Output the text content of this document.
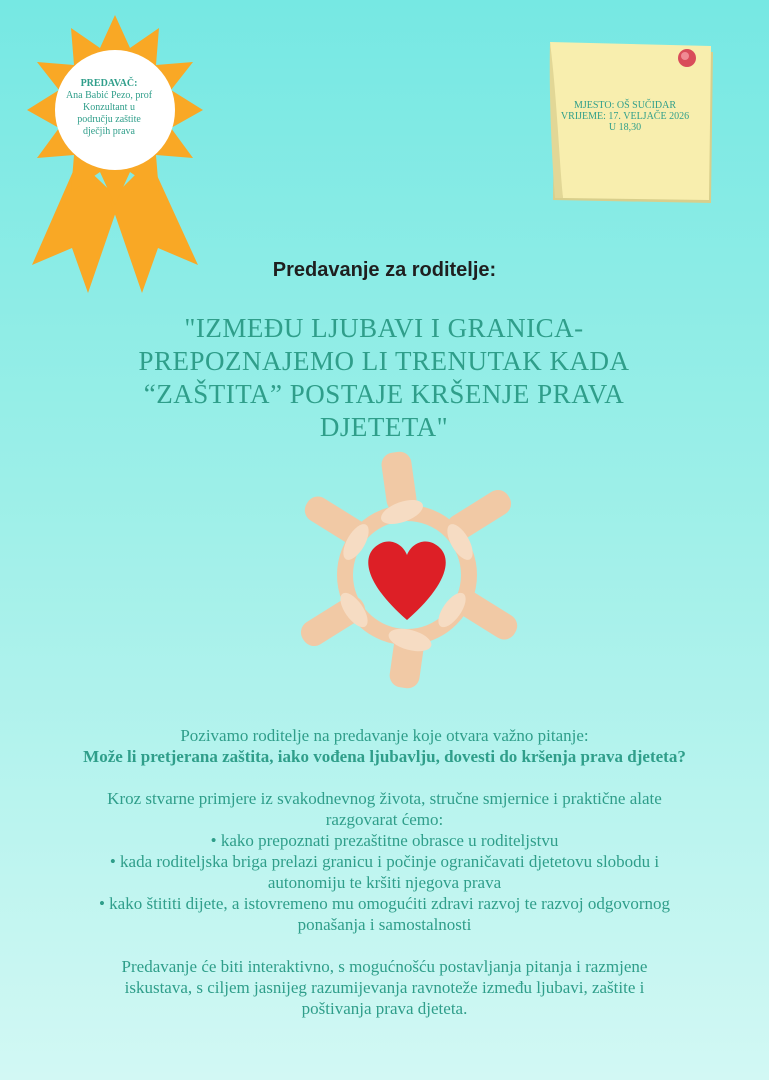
PREDAVAČ:
Ana Babić Pezo, prof
Konzultant u
području zaštite
dječjih prava
MJESTO: OŠ SUČIDAR
VRIJEME: 17. VELJAČE 2026
U 18,30
Predavanje za roditelje:
"IZMEĐU LJUBAVI I GRANICA-
PREPOZNAJEMO LI TRENUTAK KADA
“ZAŠTITA” POSTAJE KRŠENJE PRAVA
DJETETA"
Pozivamo roditelje na predavanje koje otvara važno pitanje:
Može li pretjerana zaštita, iako vođena ljubavlju, dovesti do kršenja prava djeteta?
Kroz stvarne primjere iz svakodnevnog života, stručne smjernice i praktične alate
razgovarat ćemo:
• kako prepoznati prezaštitne obrasce u roditeljstvu
• kada roditeljska briga prelazi granicu i počinje ograničavati djetetovu slobodu i
autonomiju te kršiti njegova prava
• kako štititi dijete, a istovremeno mu omogućiti zdravi razvoj te razvoj odgovornog
ponašanja i samostalnosti
Predavanje će biti interaktivno, s mogućnošću postavljanja pitanja i razmjene
iskustava, s ciljem jasnijeg razumijevanja ravnoteže između ljubavi, zaštite i
poštivanja prava djeteta.
